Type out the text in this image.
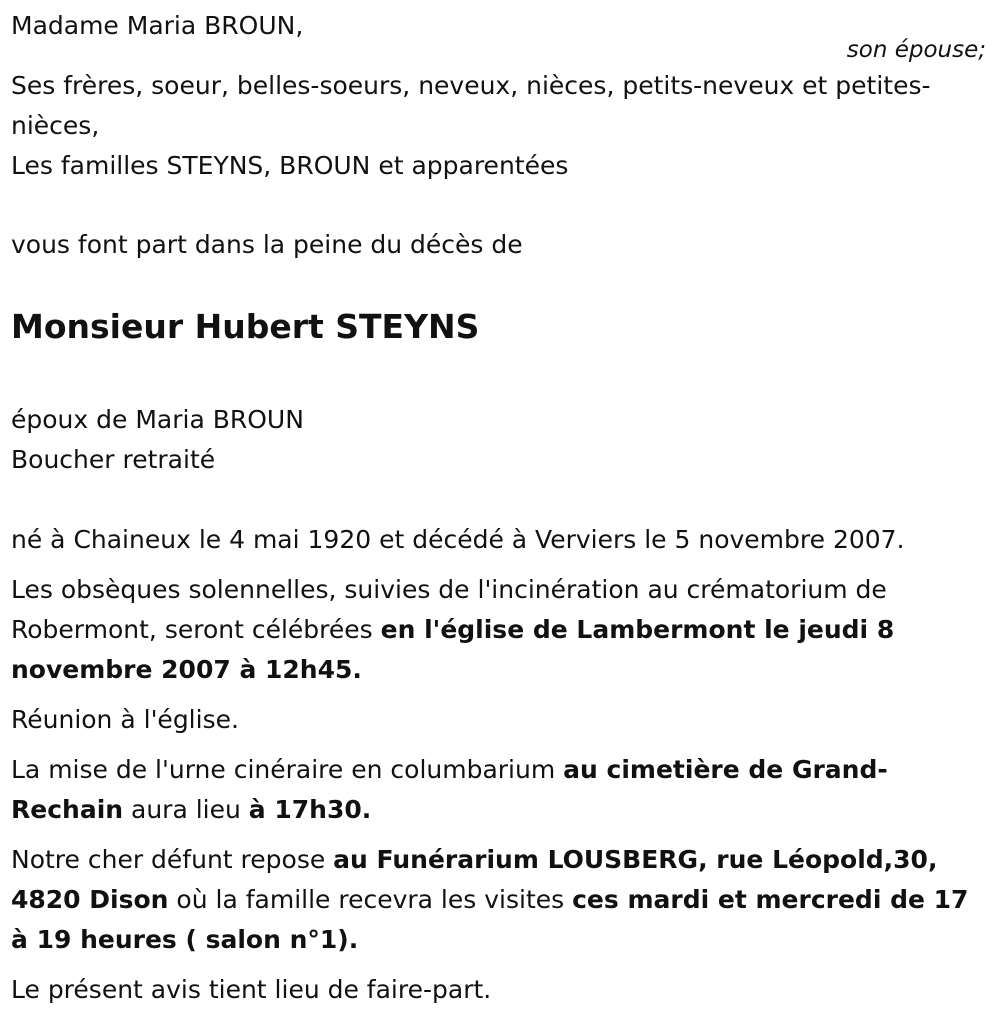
Madame Maria BROUN,

son épouse;

Ses frères, soeur, belles-soeurs, neveux, nièces, petits-neveux et petites-nièces,

Les familles STEYNS, BROUN et apparentées

vous font part dans la peine du décès de

Monsieur Hubert STEYNS

époux de Maria BROUN

Boucher retraité

né à Chaineux le 4 mai 1920 et décédé à Verviers le 5 novembre 2007.

Les obsèques solennelles, suivies de l'incinération au crématorium de Robermont, seront célébrées en l'église de Lambermont le jeudi 8 novembre 2007 à 12h45.

Réunion à l'église.

La mise de l'urne cinéraire en columbarium au cimetière de Grand-Rechain aura lieu à 17h30.

Notre cher défunt repose au Funérarium LOUSBERG, rue Léopold,30, 4820 Dison où la famille recevra les visites ces mardi et mercredi de 17 à 19 heures ( salon n°1).

Le présent avis tient lieu de faire-part.
